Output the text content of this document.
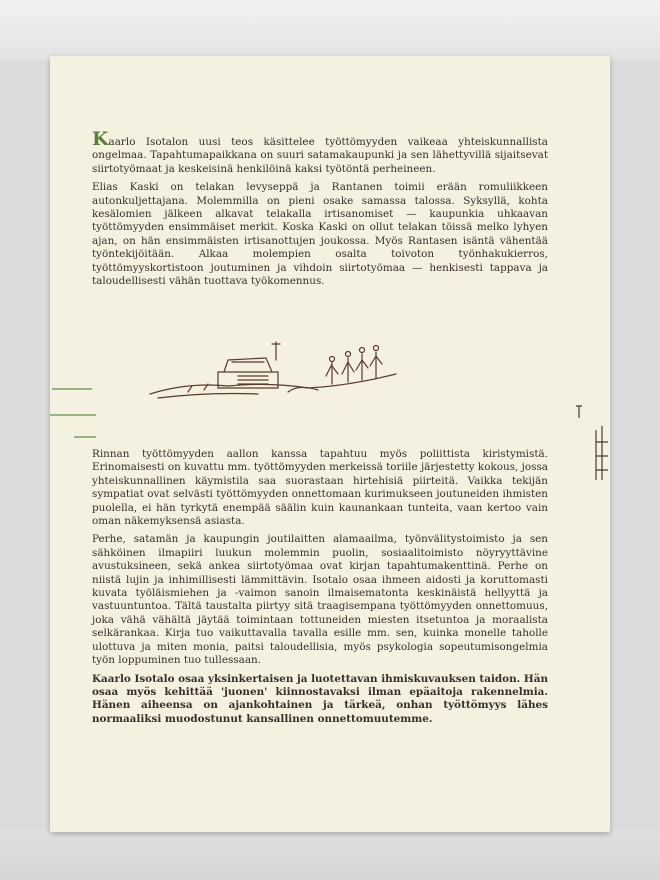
Kaarlo Isotalon uusi teos käsittelee työttömyyden vaikeaa yhteiskunnallista ongelmaa. Tapahtumapaikkana on suuri satamakaupunki ja sen lähettyvillä sijaitsevat siirtotyömaat ja keskeisinä henkilöinä kaksi työtöntä perheineen.

Elias Kaski on telakan levyseppä ja Rantanen toimii erään romuliikkeen autonkuljettajana. Molemmilla on pieni osake samassa talossa. Syksyllä, kohta kesälomien jälkeen alkavat telakalla irtisanomiset — kaupunkia uhkaavan työttömyyden ensimmäiset merkit. Koska Kaski on ollut telakan töissä melko lyhyen ajan, on hän ensimmäisten irtisanottujen joukossa. Myös Rantasen isäntä vähentää työntekijöitään. Alkaa molempien osalta toivoton työnhakukierros, työttömyyskortistoon joutuminen ja vihdoin siirtotyömaa — henkisesti tappava ja taloudellisesti vähän tuottava työkomennus.

Rinnan työttömyyden aallon kanssa tapahtuu myös poliittista kiristymistä. Erinomaisesti on kuvattu mm. työttömyyden merkeissä toriile järjestetty kokous, jossa yhteiskunnallinen käymistila saa suorastaan hirtehisiä piirteitä. Vaikka tekijän sympatiat ovat selvästi työttömyyden onnettomaan kurimukseen joutuneiden ihmisten puolella, ei hän tyrkytä enempää säälin kuin kaunankaan tunteita, vaan kertoo vain oman näkemyksensä asiasta.

Perhe, satamän ja kaupungin joutilaitten alamaailma, työnvälitystoimisto ja sen sähköinen ilmapiiri luukun molemmin puolin, sosiaalitoimisto nöyryyttävine avustuksineen, sekä ankea siirtotyömaa ovat kirjan tapahtumakenttinä. Perhe on niistä lujin ja inhimillisesti lämmittävin. Isotalo osaa ihmeen aidosti ja koruttomasti kuvata työläismiehen ja -vaimon sanoin ilmaisematonta keskinäistä hellyyttä ja vastuuntuntoa. Tältä taustalta piirtyy sitä traagisempana työttömyyden onnettomuus, joka vähä vähältä jäytää toimintaan tottuneiden miesten itsetuntoa ja moraalista selkärankaa. Kirja tuo vaikuttavalla tavalla esille mm. sen, kuinka monelle taholle ulottuva ja miten monia, paitsi taloudellisia, myös psykologia sopeutumisongelmia työn loppuminen tuo tullessaan.

Kaarlo Isotalo osaa yksinkertaisen ja luotettavan ihmiskuvauksen taidon. Hän osaa myös kehittää 'juonen' kiinnostavaksi ilman epäaitoja rakennelmia. Hänen aiheensa on ajankohtainen ja tärkeä, onhan työttömyys lähes normaaliksi muodostunut kansallinen onnettomuutemme.
